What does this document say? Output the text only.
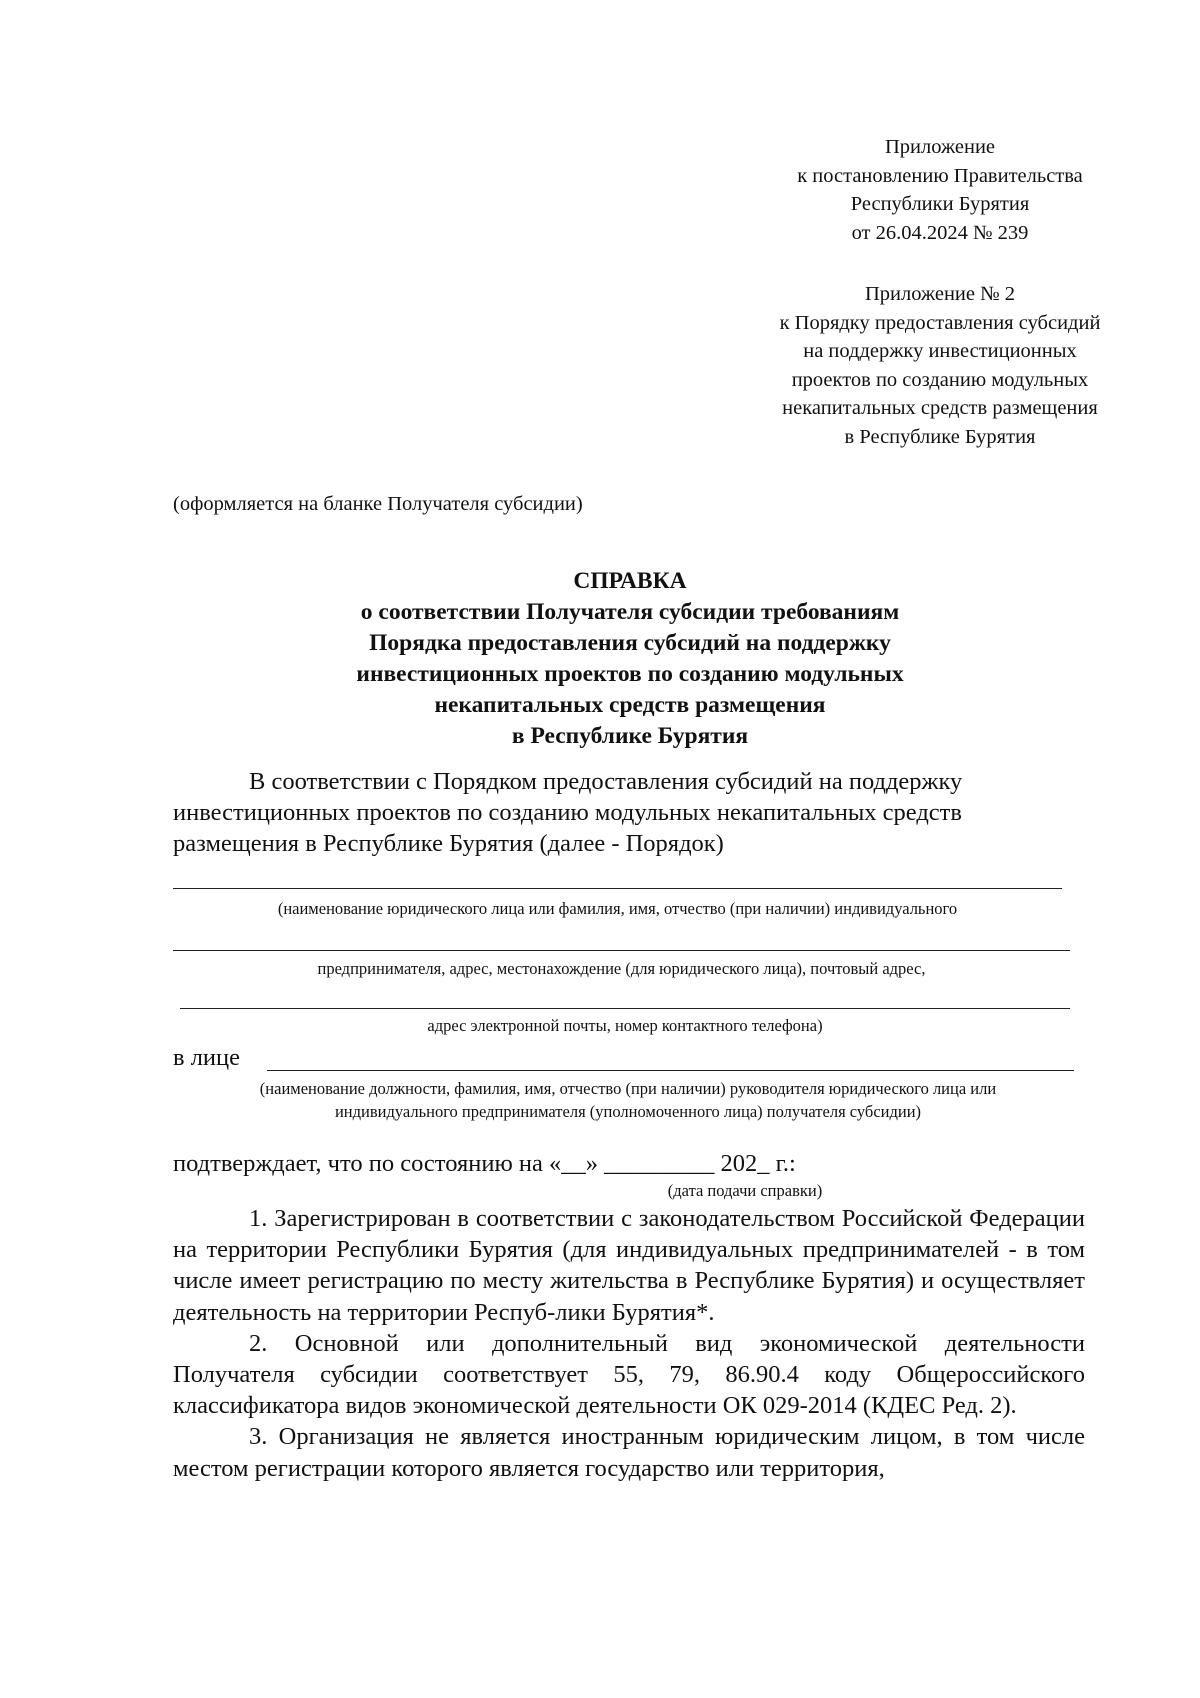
Приложение
к постановлению Правительства
Республики Бурятия
от 26.04.2024 № 239
Приложение № 2
к Порядку предоставления субсидий
на поддержку инвестиционных
проектов по созданию модульных
некапитальных средств размещения
в Республике Бурятия
(оформляется на бланке Получателя субсидии)
СПРАВКА
о соответствии Получателя субсидии требованиям
Порядка предоставления субсидий на поддержку
инвестиционных проектов по созданию модульных
некапитальных средств размещения
в Республике Бурятия
В соответствии с Порядком предоставления субсидий на поддержку
инвестиционных проектов по созданию модульных некапитальных средств
размещения в Республике Бурятия (далее - Порядок)
(наименование юридического лица или фамилия, имя, отчество (при наличии) индивидуального
предпринимателя, адрес, местонахождение (для юридического лица), почтовый адрес,
адрес электронной почты, номер контактного телефона)
в лице
(наименование должности, фамилия, имя, отчество (при наличии) руководителя юридического лица или
индивидуального предпринимателя (уполномоченного лица) получателя субсидии)
подтверждает, что по состоянию на «__» _________ 202_ г.:
(дата подачи справки)
1. Зарегистрирован в соответствии с законодательством Российской Федерации на территории Республики Бурятия (для индивидуальных предпринимателей - в том числе имеет регистрацию по месту жительства в Республике Бурятия) и осуществляет деятельность на территории Респуб-лики Бурятия*.
2. Основной или дополнительный вид экономической деятельности Получателя субсидии соответствует 55, 79, 86.90.4 коду Общероссийского классификатора видов экономической деятельности ОК 029-2014 (КДЕС Ред. 2).
3. Организация не является иностранным юридическим лицом, в том числе местом регистрации которого является государство или территория,
